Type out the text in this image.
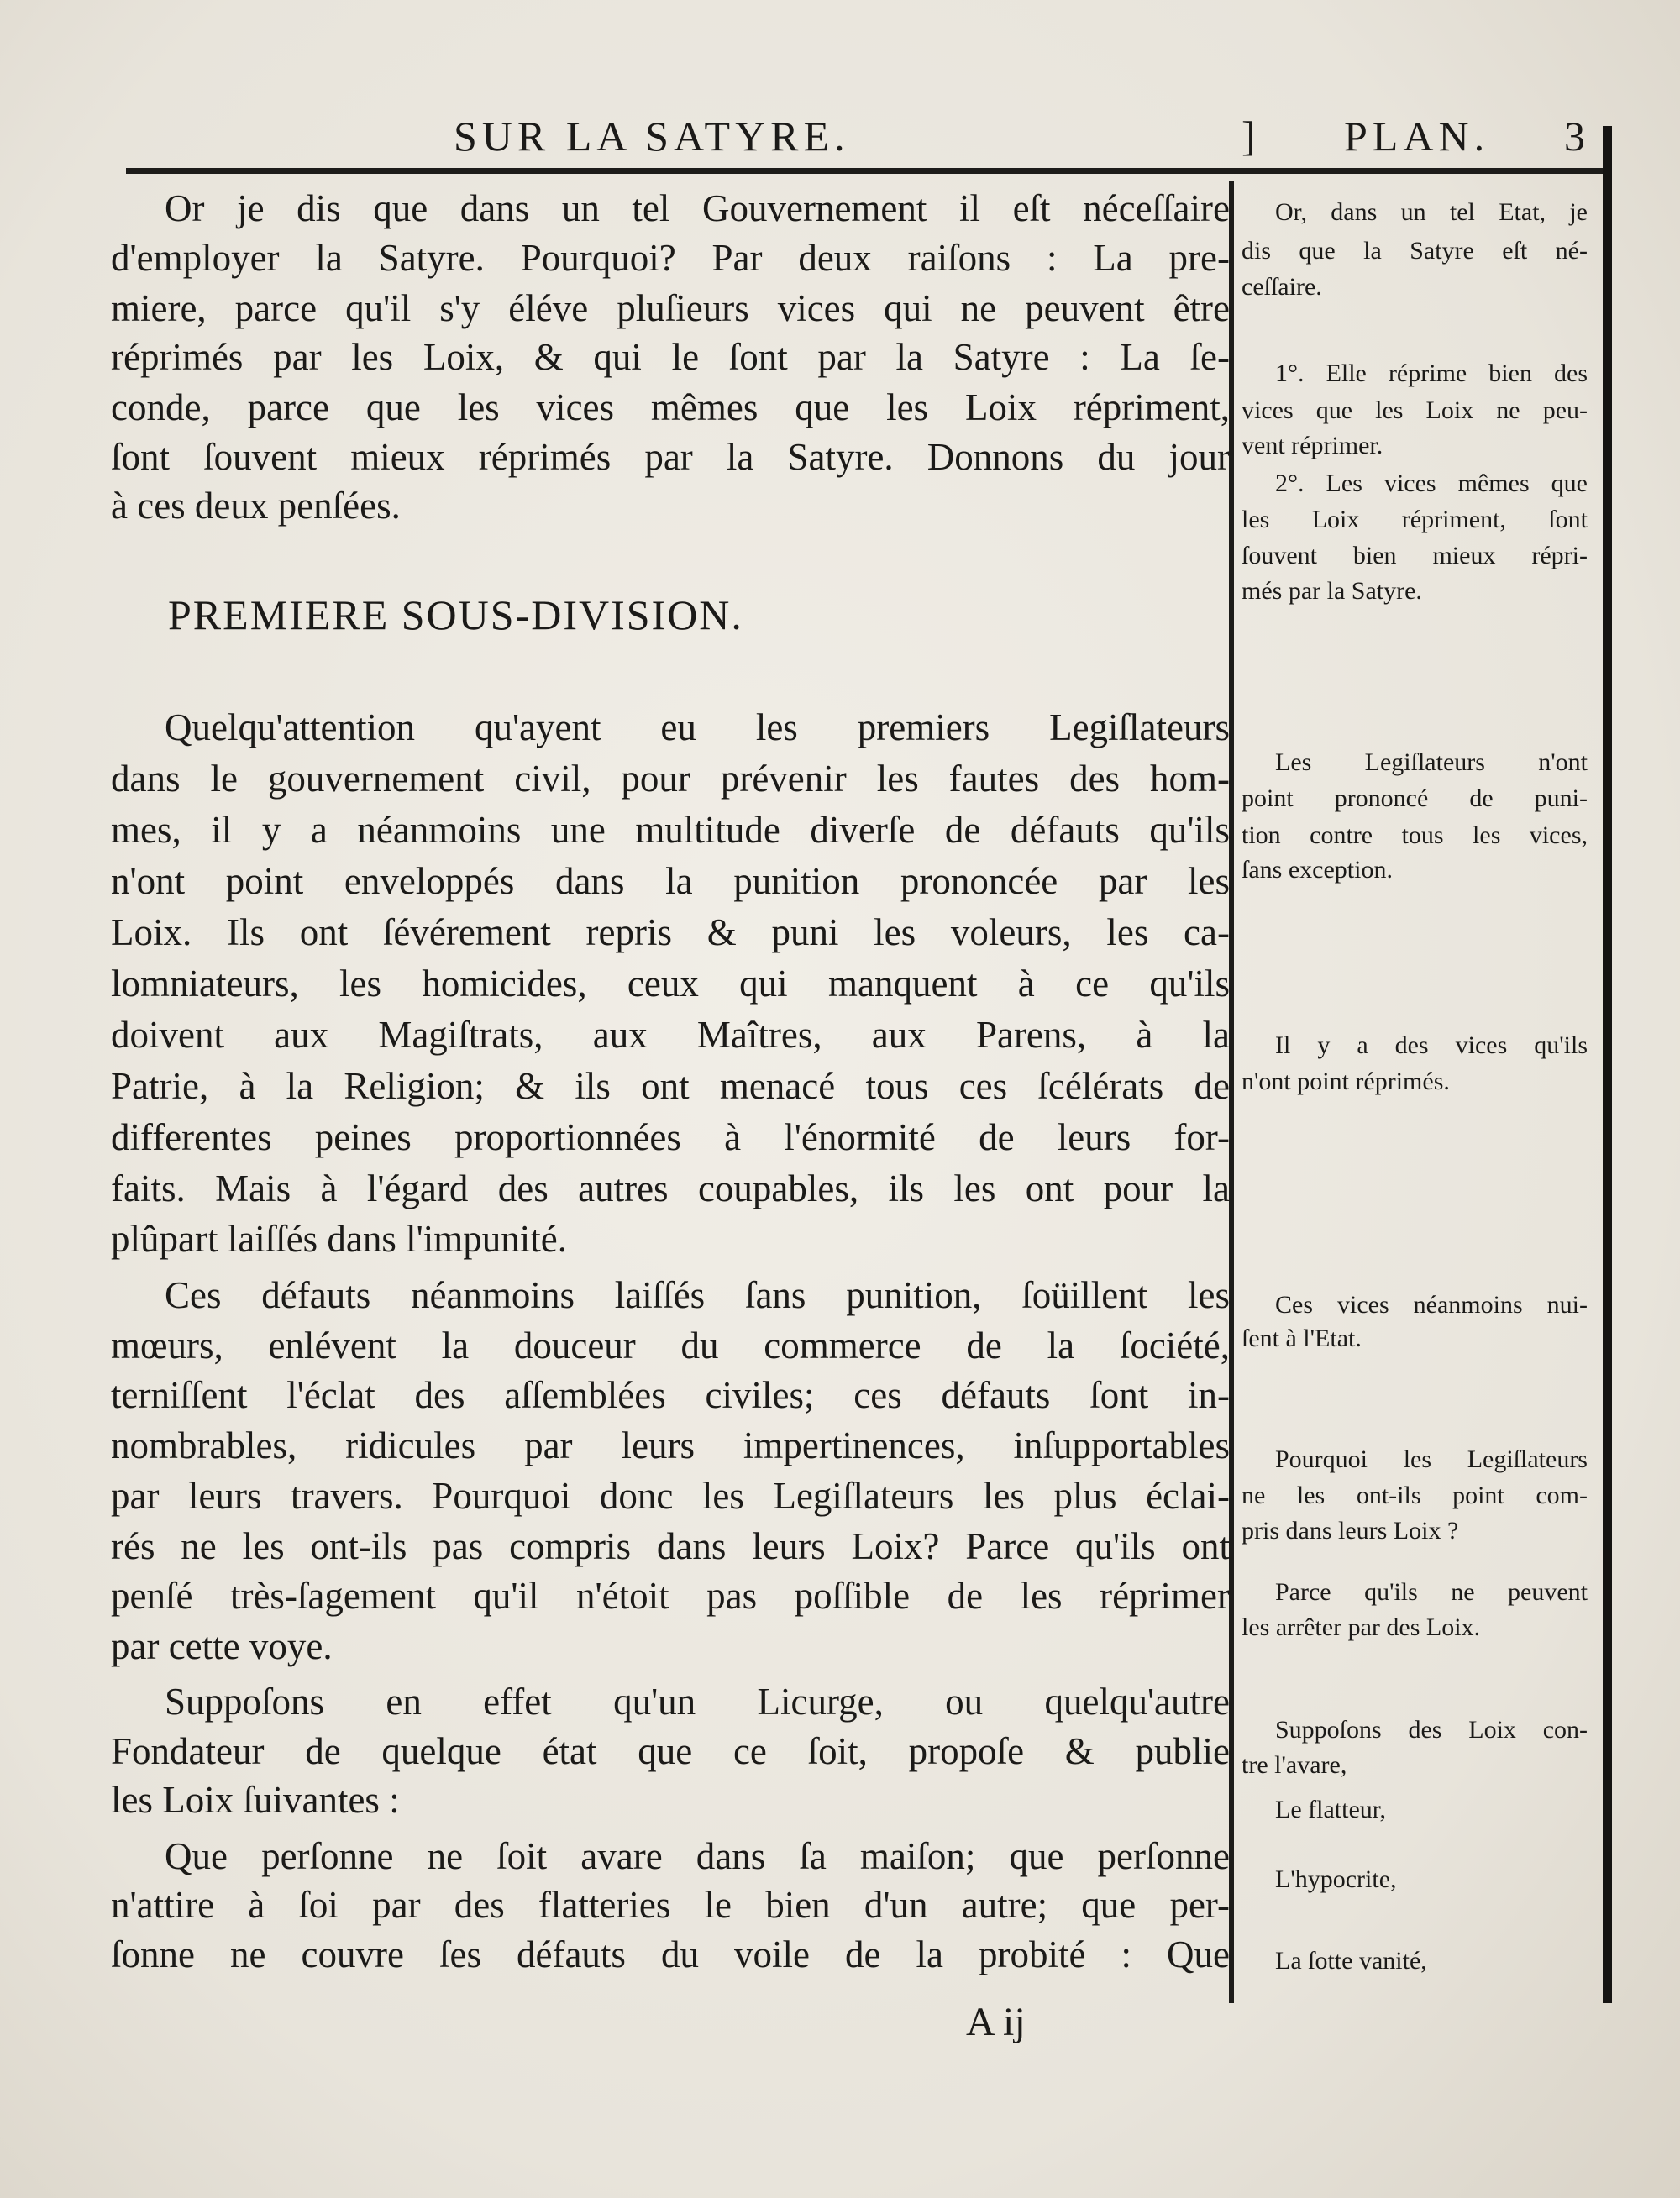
SUR LA SATYRE.	] PLAN. 3
Or je dis que dans un tel Gouvernement il eſt néceſſaire
d'employer la Satyre. Pourquoi? Par deux raiſons : La pre-
miere, parce qu'il s'y éléve pluſieurs vices qui ne peuvent être
réprimés par les Loix, & qui le ſont par la Satyre : La ſe-
conde, parce que les vices mêmes que les Loix répriment,
ſont ſouvent mieux réprimés par la Satyre. Donnons du jour
à ces deux penſées.
Quelqu'attention qu'ayent eu les premiers Legiſlateurs
dans le gouvernement civil, pour prévenir les fautes des hom-
mes, il y a néanmoins une multitude diverſe de défauts qu'ils
n'ont point enveloppés dans la punition prononcée par les
Loix. Ils ont ſévérement repris & puni les voleurs, les ca-
lomniateurs, les homicides, ceux qui manquent à ce qu'ils
doivent aux Magiſtrats, aux Maîtres, aux Parens, à la
Patrie, à la Religion; & ils ont menacé tous ces ſcélérats de
differentes peines proportionnées à l'énormité de leurs for-
faits. Mais à l'égard des autres coupables, ils les ont pour la
plûpart laiſſés dans l'impunité.
Ces défauts néanmoins laiſſés ſans punition, ſoüillent les
mœurs, enlévent la douceur du commerce de la ſociété,
terniſſent l'éclat des aſſemblées civiles; ces défauts ſont in-
nombrables, ridicules par leurs impertinences, inſupportables
par leurs travers. Pourquoi donc les Legiſlateurs les plus éclai-
rés ne les ont-ils pas compris dans leurs Loix? Parce qu'ils ont
penſé très-ſagement qu'il n'étoit pas poſſible de les réprimer
par cette voye.
Suppoſons en effet qu'un Licurge, ou quelqu'autre
Fondateur de quelque état que ce ſoit, propoſe & publie
les Loix ſuivantes :
Que perſonne ne ſoit avare dans ſa maiſon; que perſonne
n'attire à ſoi par des flatteries le bien d'un autre; que per-
ſonne ne couvre ſes défauts du voile de la probité : Que
PREMIERE SOUS-DIVISION.
Or, dans un tel Etat, je
dis que la Satyre eſt né-
ceſſaire.
1°. Elle réprime bien des
vices que les Loix ne peu-
vent réprimer.
2°. Les vices mêmes que
les Loix répriment, ſont
ſouvent bien mieux répri-
més par la Satyre.
Les Legiſlateurs n'ont
point prononcé de puni-
tion contre tous les vices,
ſans exception.
Il y a des vices qu'ils
n'ont point réprimés.
Ces vices néanmoins nui-
ſent à l'Etat.
Pourquoi les Legiſlateurs
ne les ont-ils point com-
pris dans leurs Loix ?
Parce qu'ils ne peuvent
les arrêter par des Loix.
Suppoſons des Loix con-
tre l'avare,
Le flatteur,
L'hypocrite,
La ſotte vanité,
A ij
